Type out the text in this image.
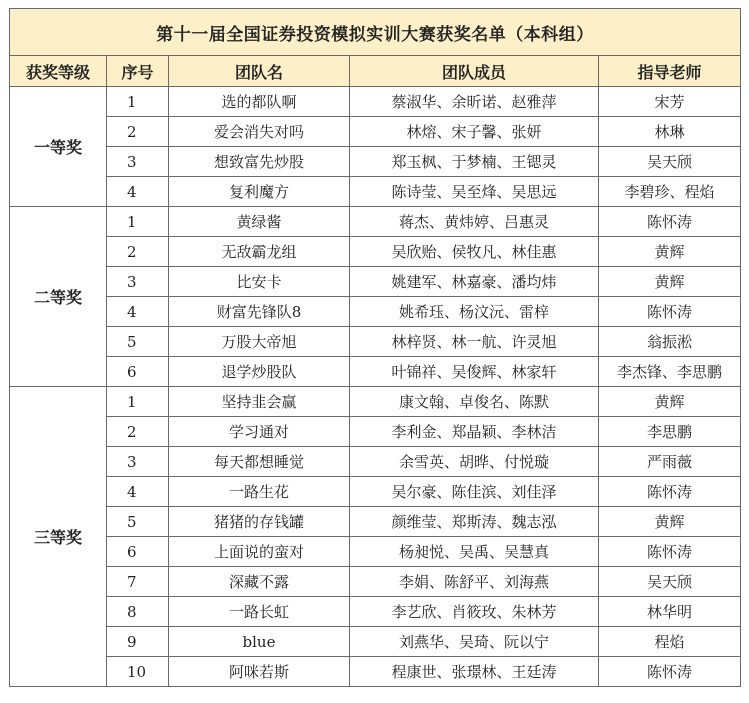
第十一届全国证券投资模拟实训大赛获奖名单（本科组）				
获奖等级	序号	团队名	团队成员	指导老师
一等奖	1	选的都队啊	蔡淑华、余昕诺、赵雅萍	宋芳
	2	爱会消失对吗	林熔、宋子馨、张妍	林琳
	3	想致富先炒股	郑玉枫、于梦楠、王锶灵	吴天颀
	4	复利魔方	陈诗莹、吴至烽、吴思远	李碧珍、程焰
二等奖	1	黄绿酱	蒋杰、黄炜婷、吕惠灵	陈怀涛
	2	无敌霸龙组	吴欣贻、侯牧凡、林佳惠	黄辉
	3	比安卡	姚建军、林嘉豪、潘均炜	黄辉
	4	财富先锋队8	姚希珏、杨汶沅、雷梓	陈怀涛
	5	万股大帝旭	林梓贤、林一航、许灵旭	翁振淞
	6	退学炒股队	叶锦祥、吴俊辉、林家轩	李杰锋、李思鹏
三等奖	1	坚持韭会赢	康文翰、卓俊名、陈默	黄辉
	2	学习通对	李利金、郑晶颖、李林洁	李思鹏
	3	每天都想睡觉	余雪英、胡晔、付悦璇	严雨薇
	4	一路生花	吴尔豪、陈佳滨、刘佳泽	陈怀涛
	5	猪猪的存钱罐	颜维莹、郑斯涛、魏志泓	黄辉
	6	上面说的蛮对	杨昶悦、吴禹、吴慧真	陈怀涛
	7	深藏不露	李娟、陈舒平、刘海燕	吴天颀
	8	一路长虹	李艺欣、肖筱玫、朱林芳	林华明
	9	blue	刘燕华、吴琦、阮以宁	程焰
	10	阿咪若斯	程康世、张璟林、王廷涛	陈怀涛
